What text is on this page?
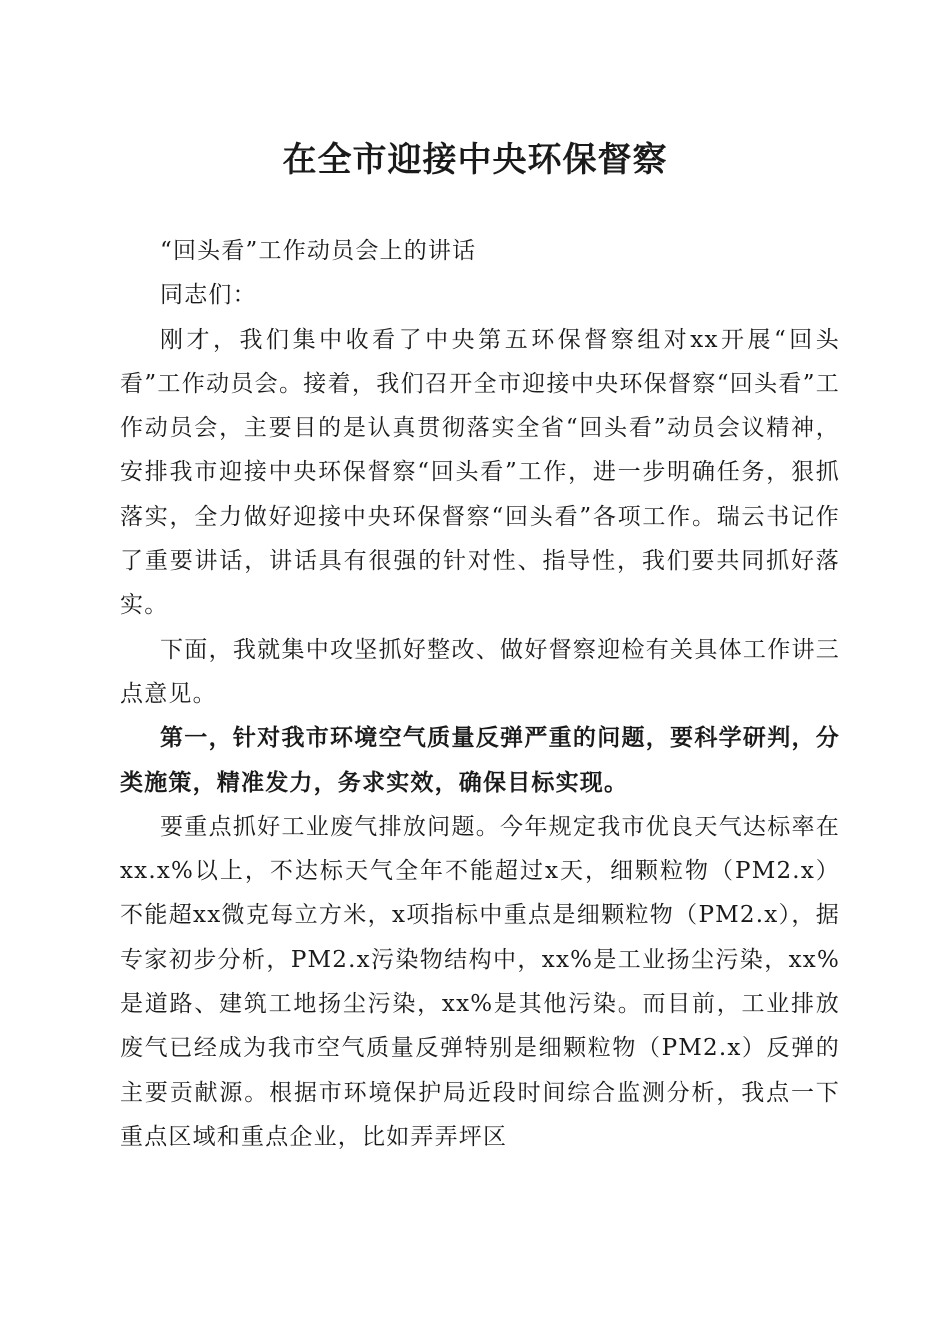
在全市迎接中央环保督察

“回头看”工作动员会上的讲话

同志们：

刚才，我们集中收看了中央第五环保督察组对xx开展“回头看”工作动员会。接着，我们召开全市迎接中央环保督察“回头看”工作动员会，主要目的是认真贯彻落实全省“回头看”动员会议精神，安排我市迎接中央环保督察“回头看”工作，进一步明确任务，狠抓落实，全力做好迎接中央环保督察“回头看”各项工作。瑞云书记作了重要讲话，讲话具有很强的针对性、指导性，我们要共同抓好落实。

下面，我就集中攻坚抓好整改、做好督察迎检有关具体工作讲三点意见。

第一，针对我市环境空气质量反弹严重的问题，要科学研判，分类施策，精准发力，务求实效，确保目标实现。

要重点抓好工业废气排放问题。今年规定我市优良天气达标率在xx.x%以上，不达标天气全年不能超过x天，细颗粒物（PM2.x）不能超xx微克每立方米，x项指标中重点是细颗粒物（PM2.x），据专家初步分析，PM2.x污染物结构中，xx%是工业扬尘污染，xx%是道路、建筑工地扬尘污染，xx%是其他污染。而目前，工业排放废气已经成为我市空气质量反弹特别是细颗粒物（PM2.x）反弹的主要贡献源。根据市环境保护局近段时间综合监测分析，我点一下重点区域和重点企业，比如弄弄坪区
